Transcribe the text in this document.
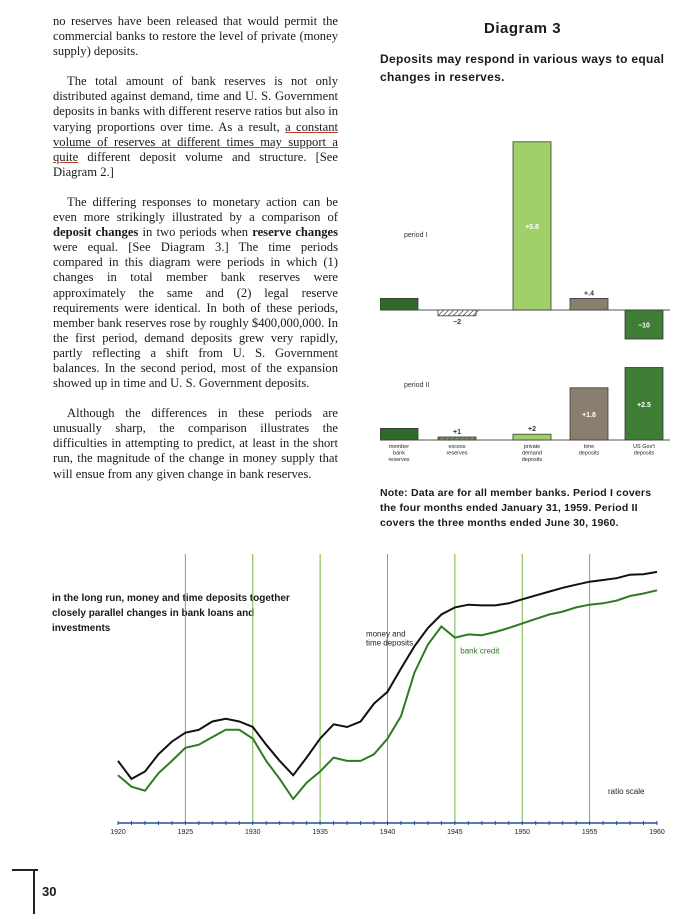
no reserves have been released that would permit the commercial banks to restore the level of private (money supply) deposits.

The total amount of bank reserves is not only distributed against demand, time and U. S. Government deposits in banks with different reserve ratios but also in varying proportions over time. As a result, a constant volume of reserves at different times may support a quite different deposit volume and structure. [See Diagram 2.]

The differing responses to monetary action can be even more strikingly illustrated by a comparison of deposit changes in two periods when reserve changes were equal. [See Diagram 3.] The time periods compared in this diagram were periods in which (1) changes in total member bank reserves were approximately the same and (2) legal reserve requirements were identical. In both of these periods, member bank reserves rose by roughly $400,000,000. In the first period, demand deposits grew very rapidly, partly reflecting a shift from U. S. Government balances. In the second period, most of the expansion showed up in time and U. S. Government deposits.

Although the differences in these periods are unusually sharp, the comparison illustrates the difficulties in attempting to predict, at least in the short run, the magnitude of the change in money supply that will ensue from any given change in bank reserves.

Diagram 3
Deposits may respond in various ways to equal changes in reserves.
period I
period II
−2
+5.8
+.4
−10
+1	+2
+1.8
+2.5
member
bank
reserves
excess
reserves
private
demand
deposits
time
deposits
US Gov't
deposits
Note: Data are for all member banks. Period I covers the four months ended January 31, 1959. Period II covers the three months ended June 30, 1960.
in the long run, money and time deposits together closely parallel changes in bank loans and investments
money and time deposits
bank credit
1920	1925	1930	1935	1940	1945	1950	1955	1960
ratio scale
30
